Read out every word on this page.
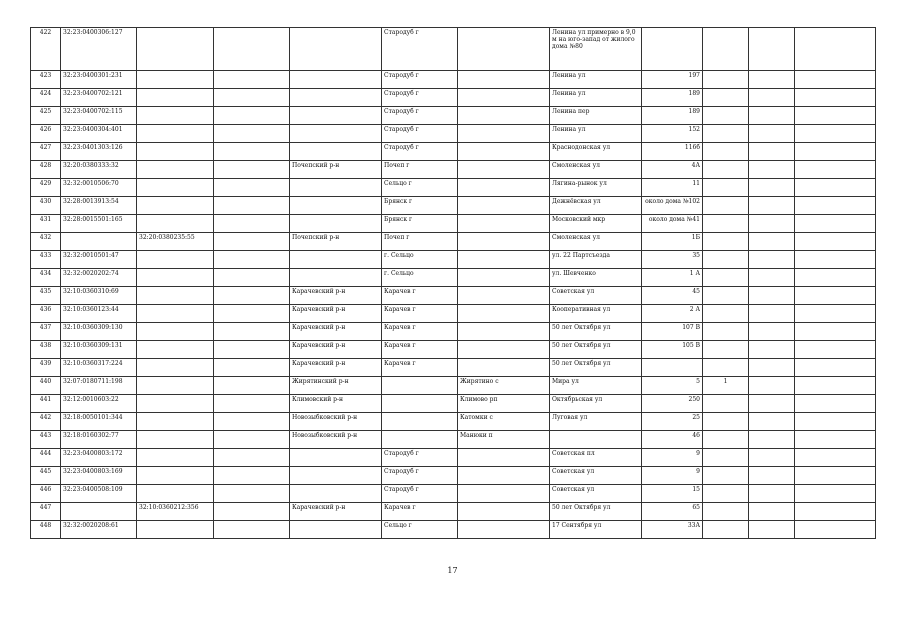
422	32:23:0400306:127				Стародуб г		Ленина ул примерно в 9,0 м на юго-запад от жилого дома №80				
423	32:23:0400301:231				Стародуб г		Ленина ул	197			
424	32:23:0400702:121				Стародуб г		Ленина ул	189			
425	32:23:0400702:115				Стародуб г		Ленина пер	189			
426	32:23:0400304:401				Стародуб г		Ленина ул	152			
427	32:23:0401303:126				Стародуб г		Краснодонская ул	116б			
428	32:20:0380333:32			Почепский р-н	Почеп г		Смоленская ул	4А			
429	32:32:0010506:70				Сельцо г		Лягина-рынок ул	11			
430	32:28:0013913:54				Брянск г		Дежнёвская ул	около дома №102			
431	32:28:0015501:165				Брянск г		Московский мкр	около дома №41			
432		32:20:0380235:55		Почепский р-н	Почеп г		Смоленская ул	1Б			
433	32:32:0010501:47				г. Сельцо		ул. 22 Партсъезда	35			
434	32:32:0020202:74				г. Сельцо		ул. Шевченко	1 А			
435	32:10:0360310:69			Карачевский р-н	Карачев г		Советская ул	45			
436	32:10:0360123:44			Карачевский р-н	Карачев г		Кооперативная ул	2 А			
437	32:10:0360309:130			Карачевский р-н	Карачев г		50 лет Октября ул	107 В			
438	32:10:0360309:131			Карачевский р-н	Карачев г		50 лет Октября ул	105 В			
439	32:10:0360317:224			Карачевский р-н	Карачев г		50 лет Октября ул				
440	32:07:0180711:198			Жирятинский р-н		Жирятино с	Мира ул	5	1		
441	32:12:0010603:22			Климовский р-н		Климово рп	Октябрьская ул	250			
442	32:18:0050101:344			Новозыбковский р-н		Катомки с	Луговая ул	25			
443	32:18:0160302:77			Новозыбковский р-н		Манюки п		46			
444	32:23:0400803:172				Стародуб г		Советская пл	9			
445	32:23:0400803:169				Стародуб г		Советская ул	9			
446	32:23:0400508:109				Стародуб г		Советская ул	15			
447		32:10:0360212:356		Карачевский р-н	Карачев г		50 лет Октября ул	65			
448	32:32:0020208:61				Сельцо г		17 Сентября ул	33А			
17
